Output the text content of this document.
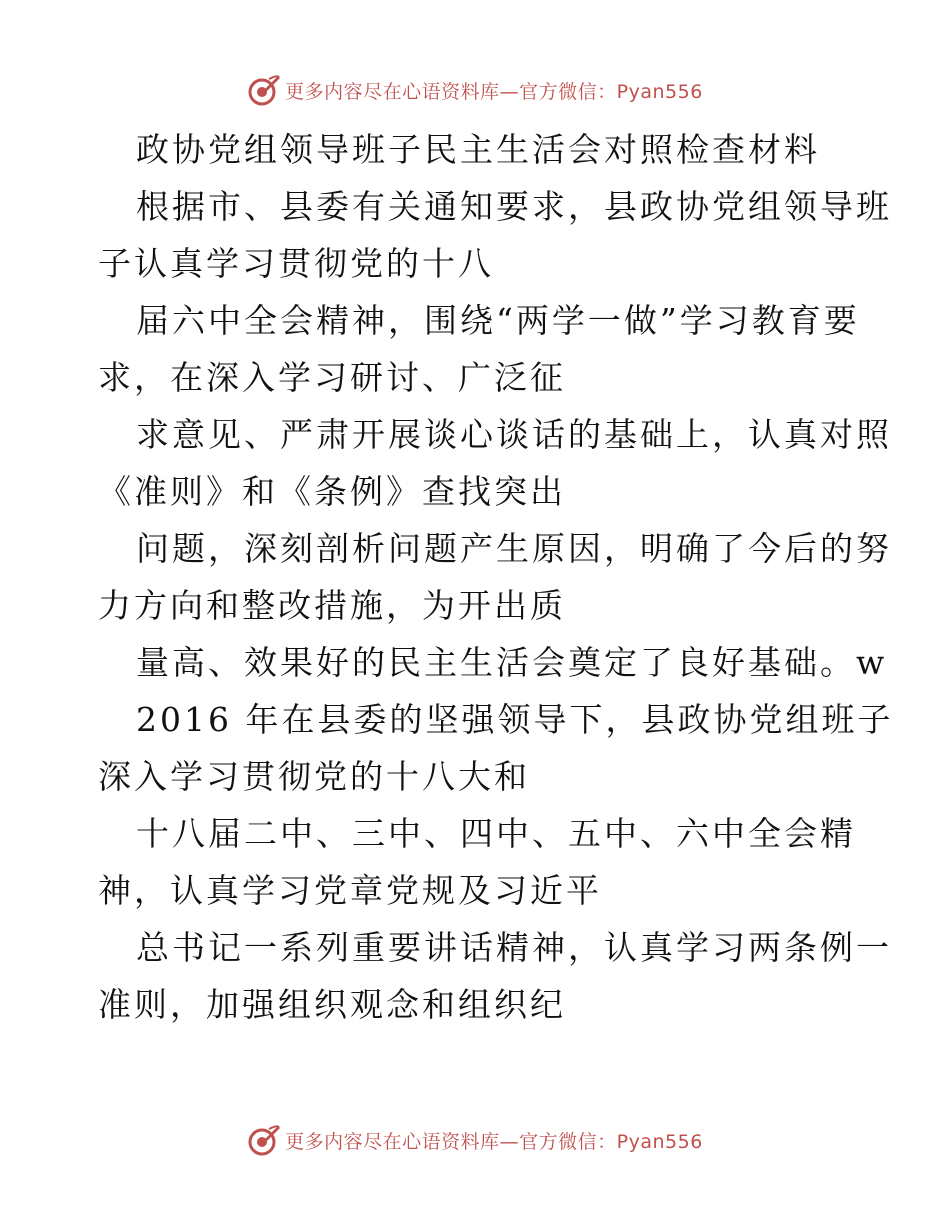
更多内容尽在心语资料库—官方微信：Pyan556
政协党组领导班子民主生活会对照检查材料
根据市、县委有关通知要求，县政协党组领导班
子认真学习贯彻党的十八
届六中全会精神，围绕“两学一做”学习教育要
求，在深入学习研讨、广泛征
求意见、严肃开展谈心谈话的基础上，认真对照
《准则》和《条例》查找突出
问题，深刻剖析问题产生原因，明确了今后的努
力方向和整改措施，为开出质
量高、效果好的民主生活会奠定了良好基础。w
2016 年在县委的坚强领导下，县政协党组班子
深入学习贯彻党的十八大和
十八届二中、三中、四中、五中、六中全会精
神，认真学习党章党规及习近平
总书记一系列重要讲话精神，认真学习两条例一
准则，加强组织观念和组织纪
更多内容尽在心语资料库—官方微信：Pyan556
